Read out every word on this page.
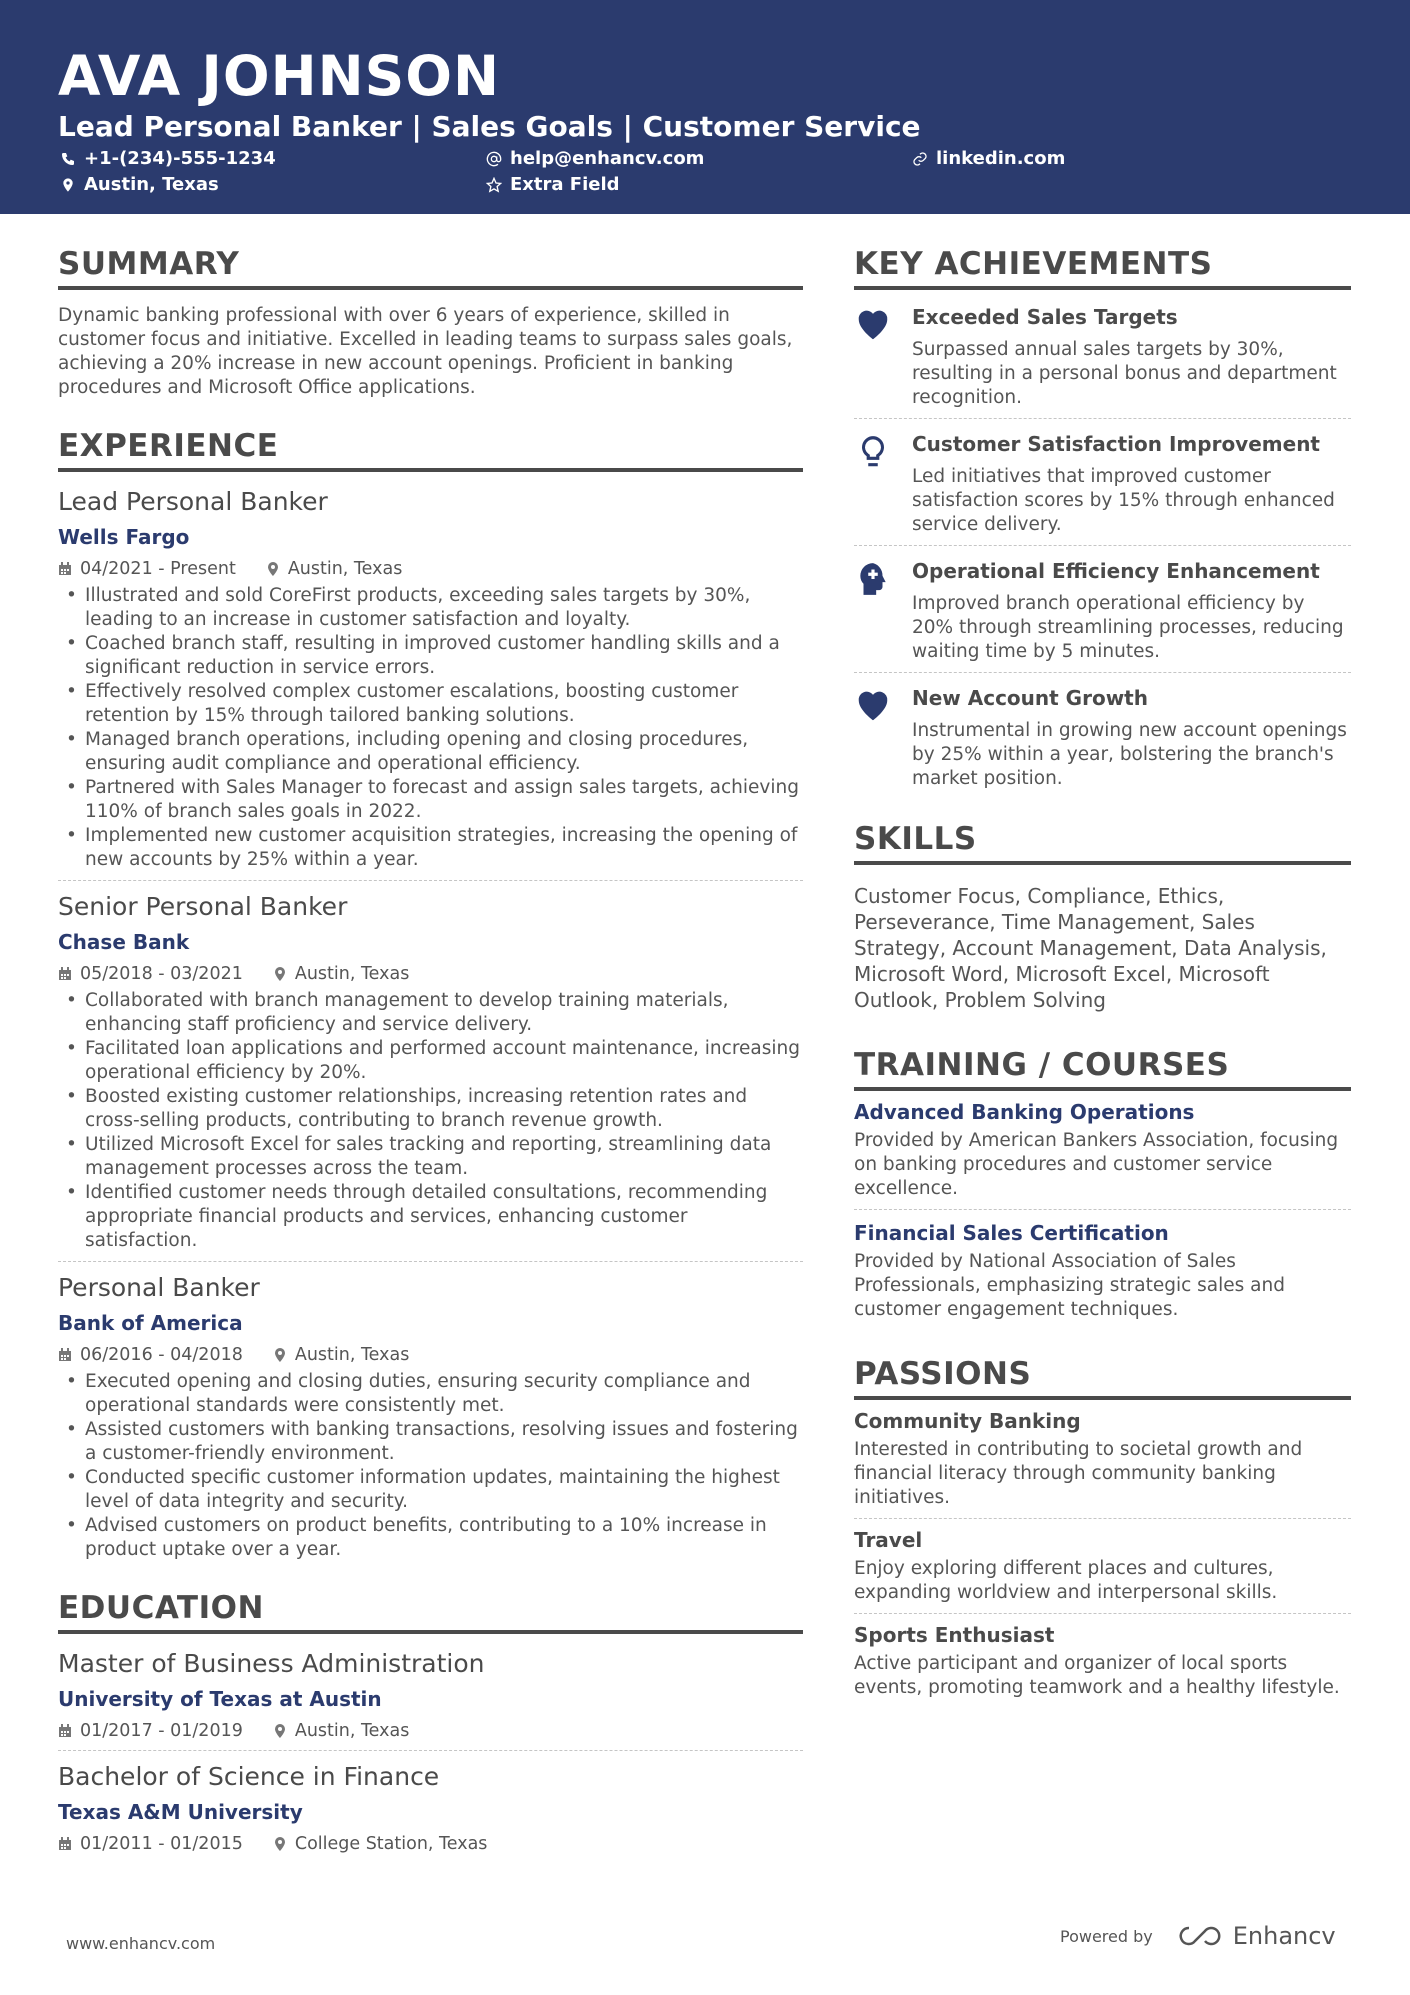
AVA JOHNSON
Lead Personal Banker | Sales Goals | Customer Service
+1-(234)-555-1234	help@enhancv.com	linkedin.com
Austin, Texas	Extra Field
SUMMARY
Dynamic banking professional with over 6 years of experience, skilled in customer focus and initiative. Excelled in leading teams to surpass sales goals, achieving a 20% increase in new account openings. Proficient in banking procedures and Microsoft Office applications.
EXPERIENCE
Lead Personal Banker
Wells Fargo
04/2021 - Present	Austin, Texas
• Illustrated and sold CoreFirst products, exceeding sales targets by 30%, leading to an increase in customer satisfaction and loyalty.
• Coached branch staff, resulting in improved customer handling skills and a significant reduction in service errors.
• Effectively resolved complex customer escalations, boosting customer retention by 15% through tailored banking solutions.
• Managed branch operations, including opening and closing procedures, ensuring audit compliance and operational efficiency.
• Partnered with Sales Manager to forecast and assign sales targets, achieving 110% of branch sales goals in 2022.
• Implemented new customer acquisition strategies, increasing the opening of new accounts by 25% within a year.
Senior Personal Banker
Chase Bank
05/2018 - 03/2021	Austin, Texas
• Collaborated with branch management to develop training materials, enhancing staff proficiency and service delivery.
• Facilitated loan applications and performed account maintenance, increasing operational efficiency by 20%.
• Boosted existing customer relationships, increasing retention rates and cross-selling products, contributing to branch revenue growth.
• Utilized Microsoft Excel for sales tracking and reporting, streamlining data management processes across the team.
• Identified customer needs through detailed consultations, recommending appropriate financial products and services, enhancing customer satisfaction.
Personal Banker
Bank of America
06/2016 - 04/2018	Austin, Texas
• Executed opening and closing duties, ensuring security compliance and operational standards were consistently met.
• Assisted customers with banking transactions, resolving issues and fostering a customer-friendly environment.
• Conducted specific customer information updates, maintaining the highest level of data integrity and security.
• Advised customers on product benefits, contributing to a 10% increase in product uptake over a year.
EDUCATION
Master of Business Administration
University of Texas at Austin
01/2017 - 01/2019	Austin, Texas
Bachelor of Science in Finance
Texas A&M University
01/2011 - 01/2015	College Station, Texas
KEY ACHIEVEMENTS
Exceeded Sales Targets
Surpassed annual sales targets by 30%, resulting in a personal bonus and department recognition.
Customer Satisfaction Improvement
Led initiatives that improved customer satisfaction scores by 15% through enhanced service delivery.
Operational Efficiency Enhancement
Improved branch operational efficiency by 20% through streamlining processes, reducing waiting time by 5 minutes.
New Account Growth
Instrumental in growing new account openings by 25% within a year, bolstering the branch's market position.
SKILLS
Customer Focus, Compliance, Ethics, Perseverance, Time Management, Sales Strategy, Account Management, Data Analysis, Microsoft Word, Microsoft Excel, Microsoft Outlook, Problem Solving
TRAINING / COURSES
Advanced Banking Operations
Provided by American Bankers Association, focusing on banking procedures and customer service excellence.
Financial Sales Certification
Provided by National Association of Sales Professionals, emphasizing strategic sales and customer engagement techniques.
PASSIONS
Community Banking
Interested in contributing to societal growth and financial literacy through community banking initiatives.
Travel
Enjoy exploring different places and cultures, expanding worldview and interpersonal skills.
Sports Enthusiast
Active participant and organizer of local sports events, promoting teamwork and a healthy lifestyle.
www.enhancv.com	Powered by	Enhancv
